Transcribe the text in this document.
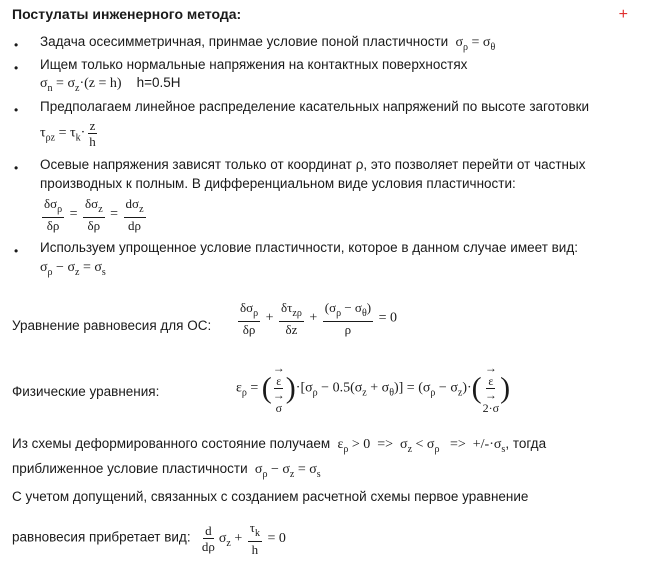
Постулаты инженерного метода:	+
• Задача осесимметричная, принмае условие поной пластичности  $\sigma_\rho = \sigma_\theta$
• Ищем только нормальные напряжения на контактных поверхностях
$\sigma_n = \sigma_z\cdot(z = h)$ h=0.5H
• Предполагаем линейное распределение касательных напряжений по высоте заготовки
$\tau_{\rho z} = \tau_k\cdot \frac{z}{h}$
• Осевые напряжения зависят только от координат ρ, это позволяет перейти от частных
производных к полным. В дифференциальном виде условия пластичности:
$\frac{\delta\sigma_\rho}{\delta\rho} = \frac{\delta\sigma_z}{\delta\rho} = \frac{d\sigma_z}{d\rho}$
• Используем упрощенное условие пластичности, которое в данном случае имеет вид:
$\sigma_\rho - \sigma_z = \sigma_s$
Уравнение равновесия для ОС: $\frac{\delta\sigma_\rho}{\delta\rho} + \frac{\delta\tau_{z\rho}}{\delta z} + \frac{(\sigma_\rho - \sigma_\theta)}{\rho} = 0$
Физические уравнения:	$\varepsilon_\rho$ = (
→
ε
→
σ
)$\cdot[\sigma_\rho - 0.5(\sigma_z + \sigma_\theta)] = (\sigma_\rho - \sigma_z)\cdot$(
→
ε
→
2·σ
)
Из схемы деформированного состояние получаем  $\varepsilon_\rho > 0 => \sigma_z < \sigma_\rho => +/-\cdot\sigma_s$, тогда
приближенное условие пластичности  $\sigma_\rho - \sigma_z = \sigma_s$
С учетом допущений, связанных с созданием расчетной схемы первое уравнение
равновесия прибретает вид: $\frac{d}{d\rho} \sigma_z + \frac{\tau_k}{h} = 0$
